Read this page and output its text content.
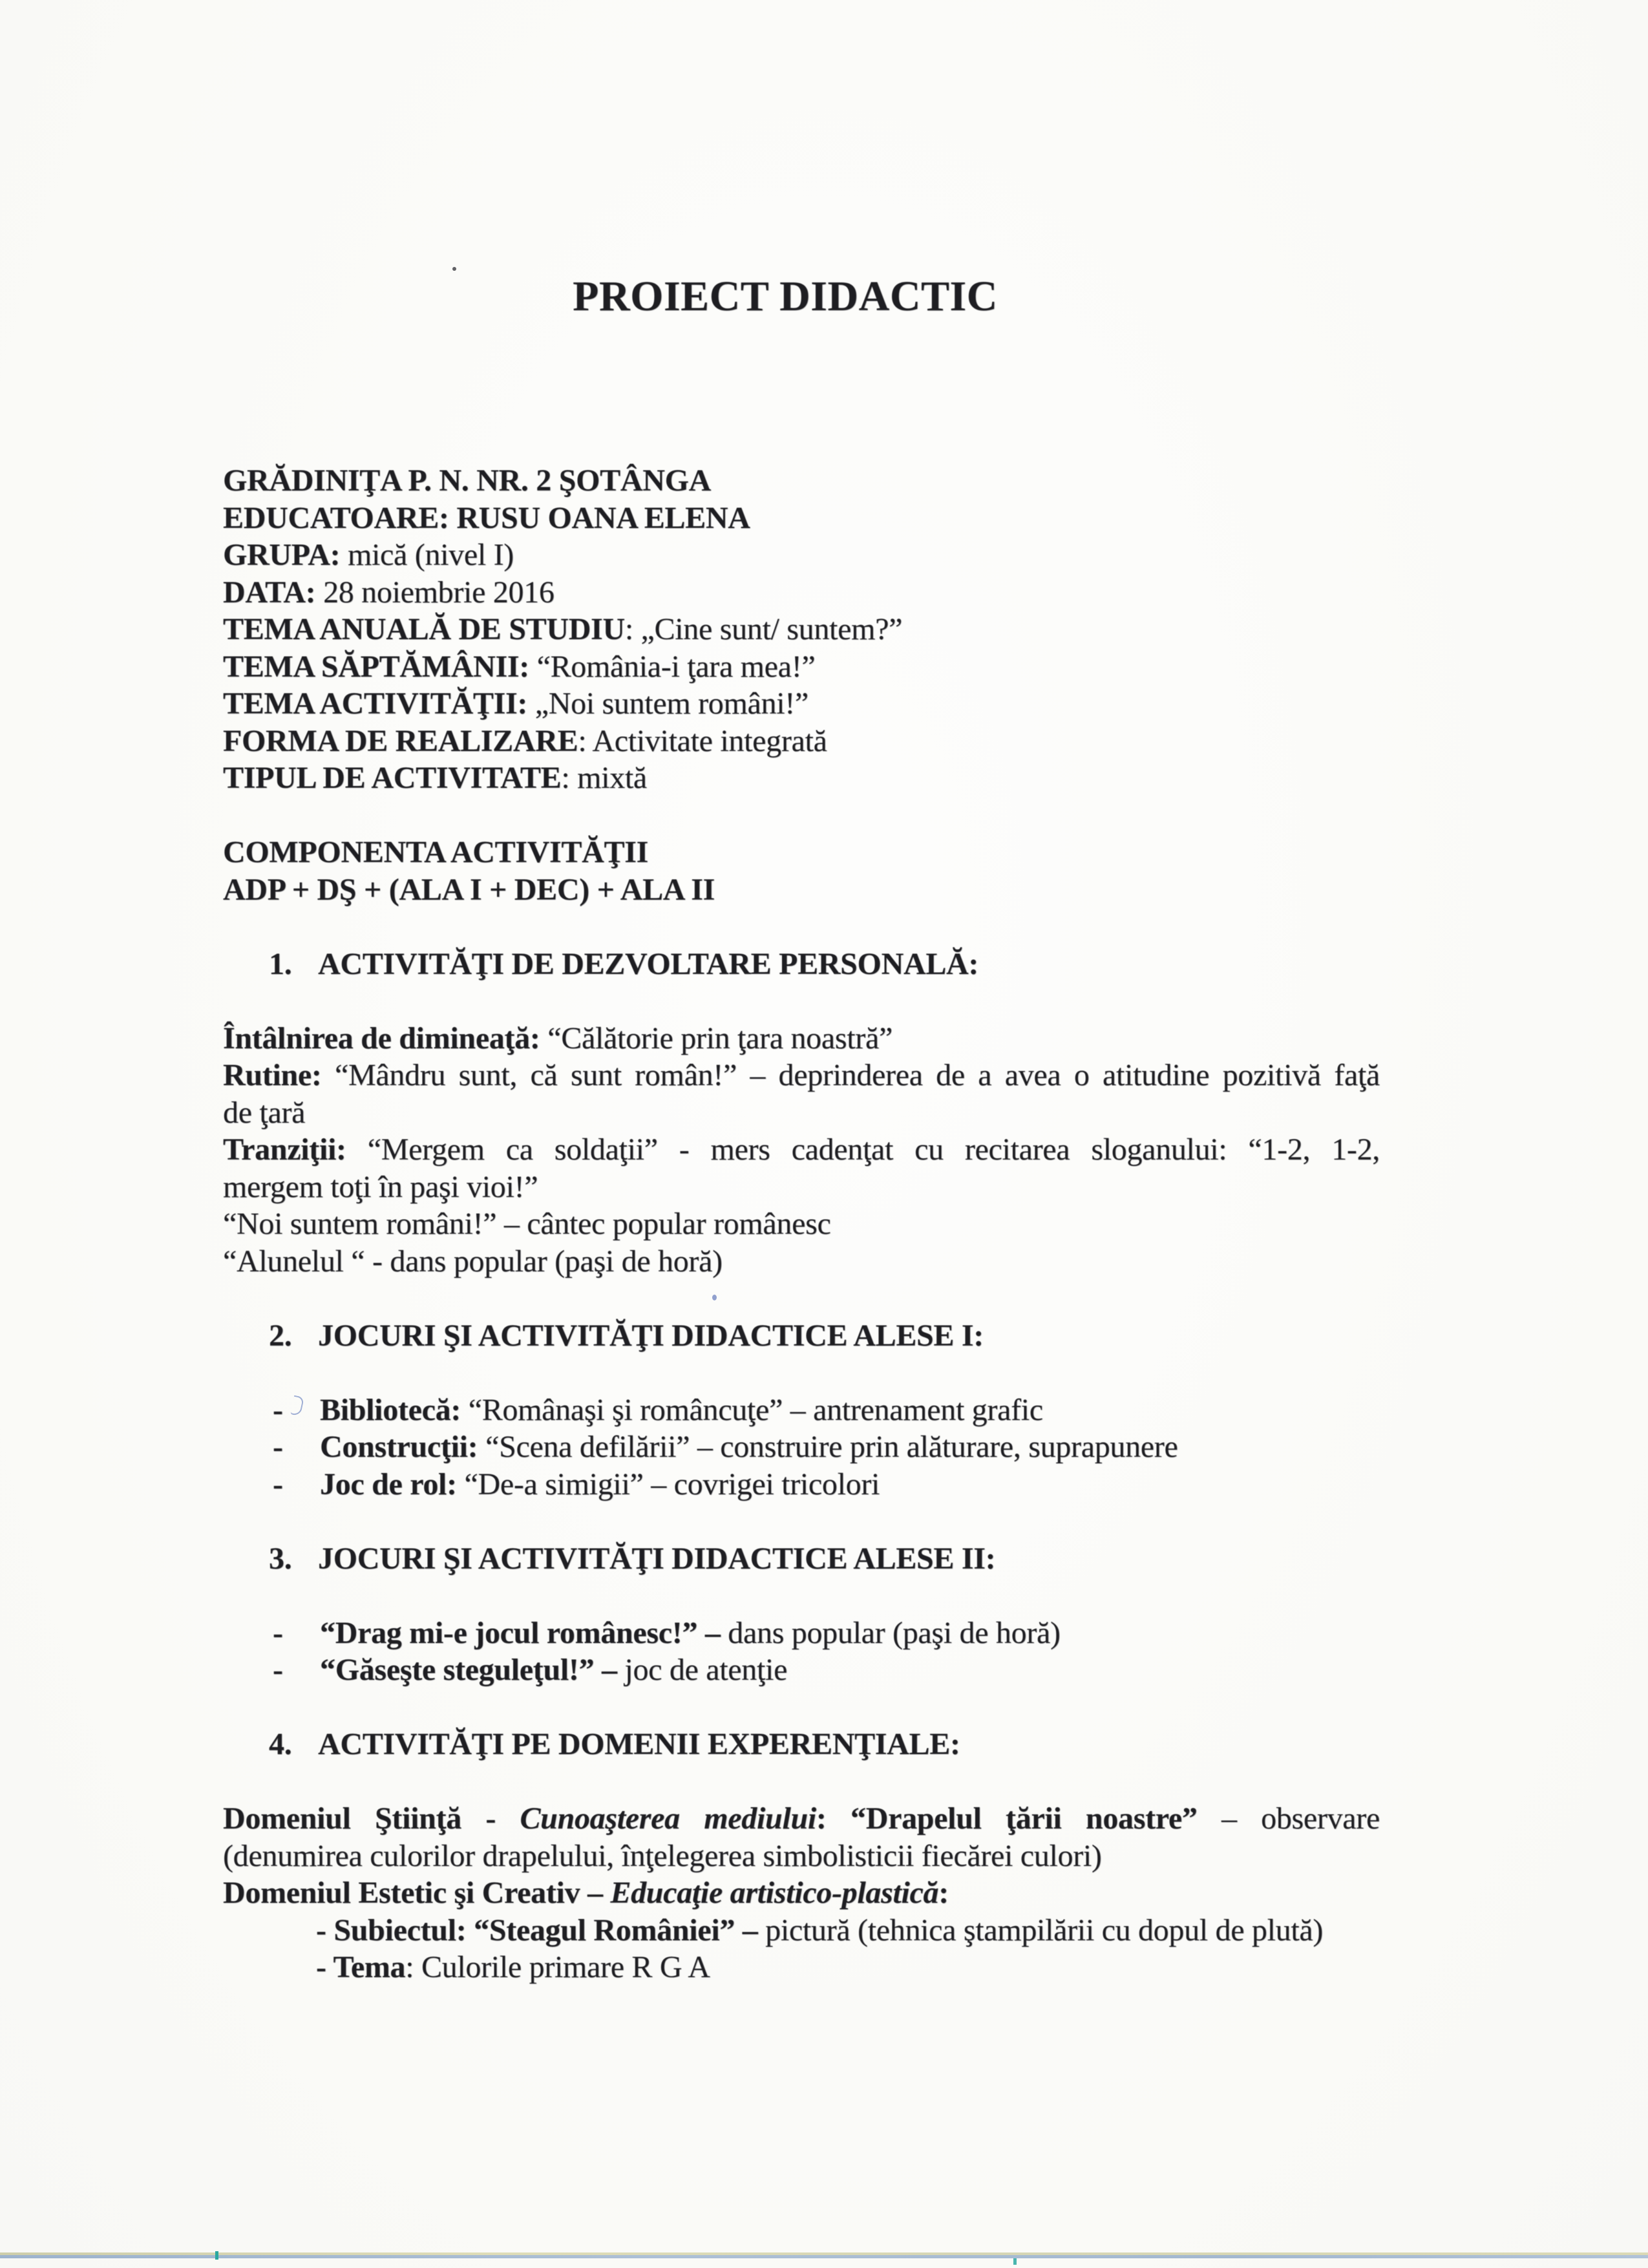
PROIECT DIDACTIC
GRĂDINIŢA P. N. NR. 2 ŞOTÂNGA
EDUCATOARE: RUSU OANA ELENA
GRUPA: mică (nivel I)
DATA: 28 noiembrie 2016
TEMA ANUALĂ DE STUDIU: „Cine sunt/ suntem?”
TEMA SĂPTĂMÂNII: “România-i ţara mea!”
TEMA ACTIVITĂŢII: „Noi suntem români!”
FORMA DE REALIZARE: Activitate integrată
TIPUL DE ACTIVITATE: mixtă
COMPONENTA ACTIVITĂŢII
ADP + DŞ + (ALA I + DEC) + ALA II
1. ACTIVITĂŢI DE DEZVOLTARE PERSONALĂ:
Întâlnirea de dimineaţă: “Călătorie prin ţara noastră”
Rutine: “Mândru sunt, că sunt român!” – deprinderea de a avea o atitudine pozitivă faţă
de ţară
Tranziţii: “Mergem ca soldaţii” - mers cadenţat cu recitarea sloganului: “1-2, 1-2,
mergem toţi în paşi vioi!”
“Noi suntem români!” – cântec popular românesc
“Alunelul “ - dans popular (paşi de horă)
2. JOCURI ŞI ACTIVITĂŢI DIDACTICE ALESE I:
- Bibliotecă: “Românaşi şi româncuţe” – antrenament grafic
- Construcţii: “Scena defilării” – construire prin alăturare, suprapunere
- Joc de rol: “De-a simigii” – covrigei tricolori
3. JOCURI ŞI ACTIVITĂŢI DIDACTICE ALESE II:
- “Drag mi-e jocul românesc!” – dans popular (paşi de horă)
- “Găseşte steguleţul!” – joc de atenţie
4. ACTIVITĂŢI PE DOMENII EXPERENŢIALE:
Domeniul Ştiinţă - Cunoaşterea mediului: “Drapelul ţării noastre” – observare
(denumirea culorilor drapelului, înţelegerea simbolisticii fiecărei culori)
Domeniul Estetic şi Creativ – Educaţie artistico-plastică:
- Subiectul: “Steagul României” – pictură (tehnica ştampilării cu dopul de plută)
- Tema: Culorile primare R G A
